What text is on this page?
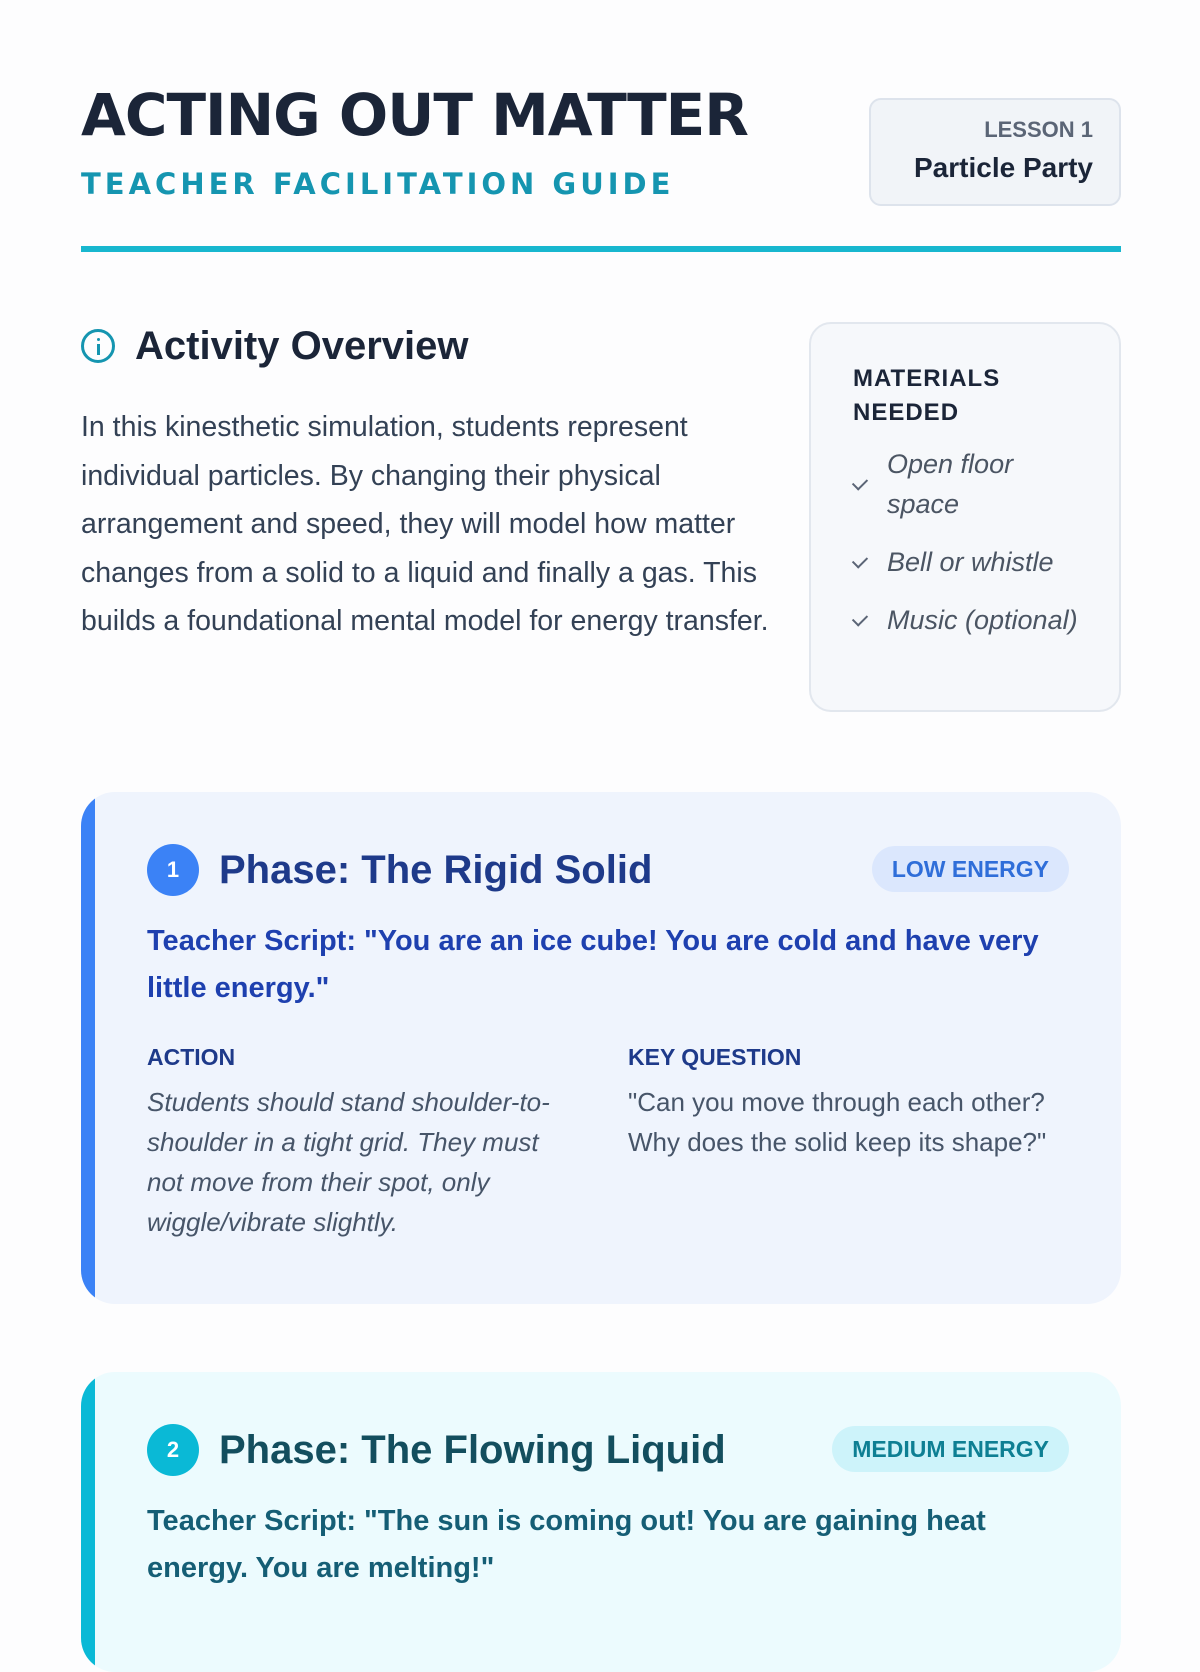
ACTING OUT MATTER
TEACHER FACILITATION GUIDE
LESSON 1
Particle Party
Activity Overview

In this kinesthetic simulation, students represent individual particles. By changing their physical arrangement and speed, they will model how matter changes from a solid to a liquid and finally a gas. This builds a foundational mental model for energy transfer.

MATERIALS NEEDED
Open floor space
Bell or whistle
Music (optional)
1 Phase: The Rigid Solid	LOW ENERGY
Teacher Script: "You are an ice cube! You are cold and have very little energy."
ACTION
Students should stand shoulder-to-shoulder in a tight grid. They must not move from their spot, only wiggle/vibrate slightly.
KEY QUESTION
"Can you move through each other? Why does the solid keep its shape?"
2 Phase: The Flowing Liquid	MEDIUM ENERGY
Teacher Script: "The sun is coming out! You are gaining heat energy. You are melting!"
